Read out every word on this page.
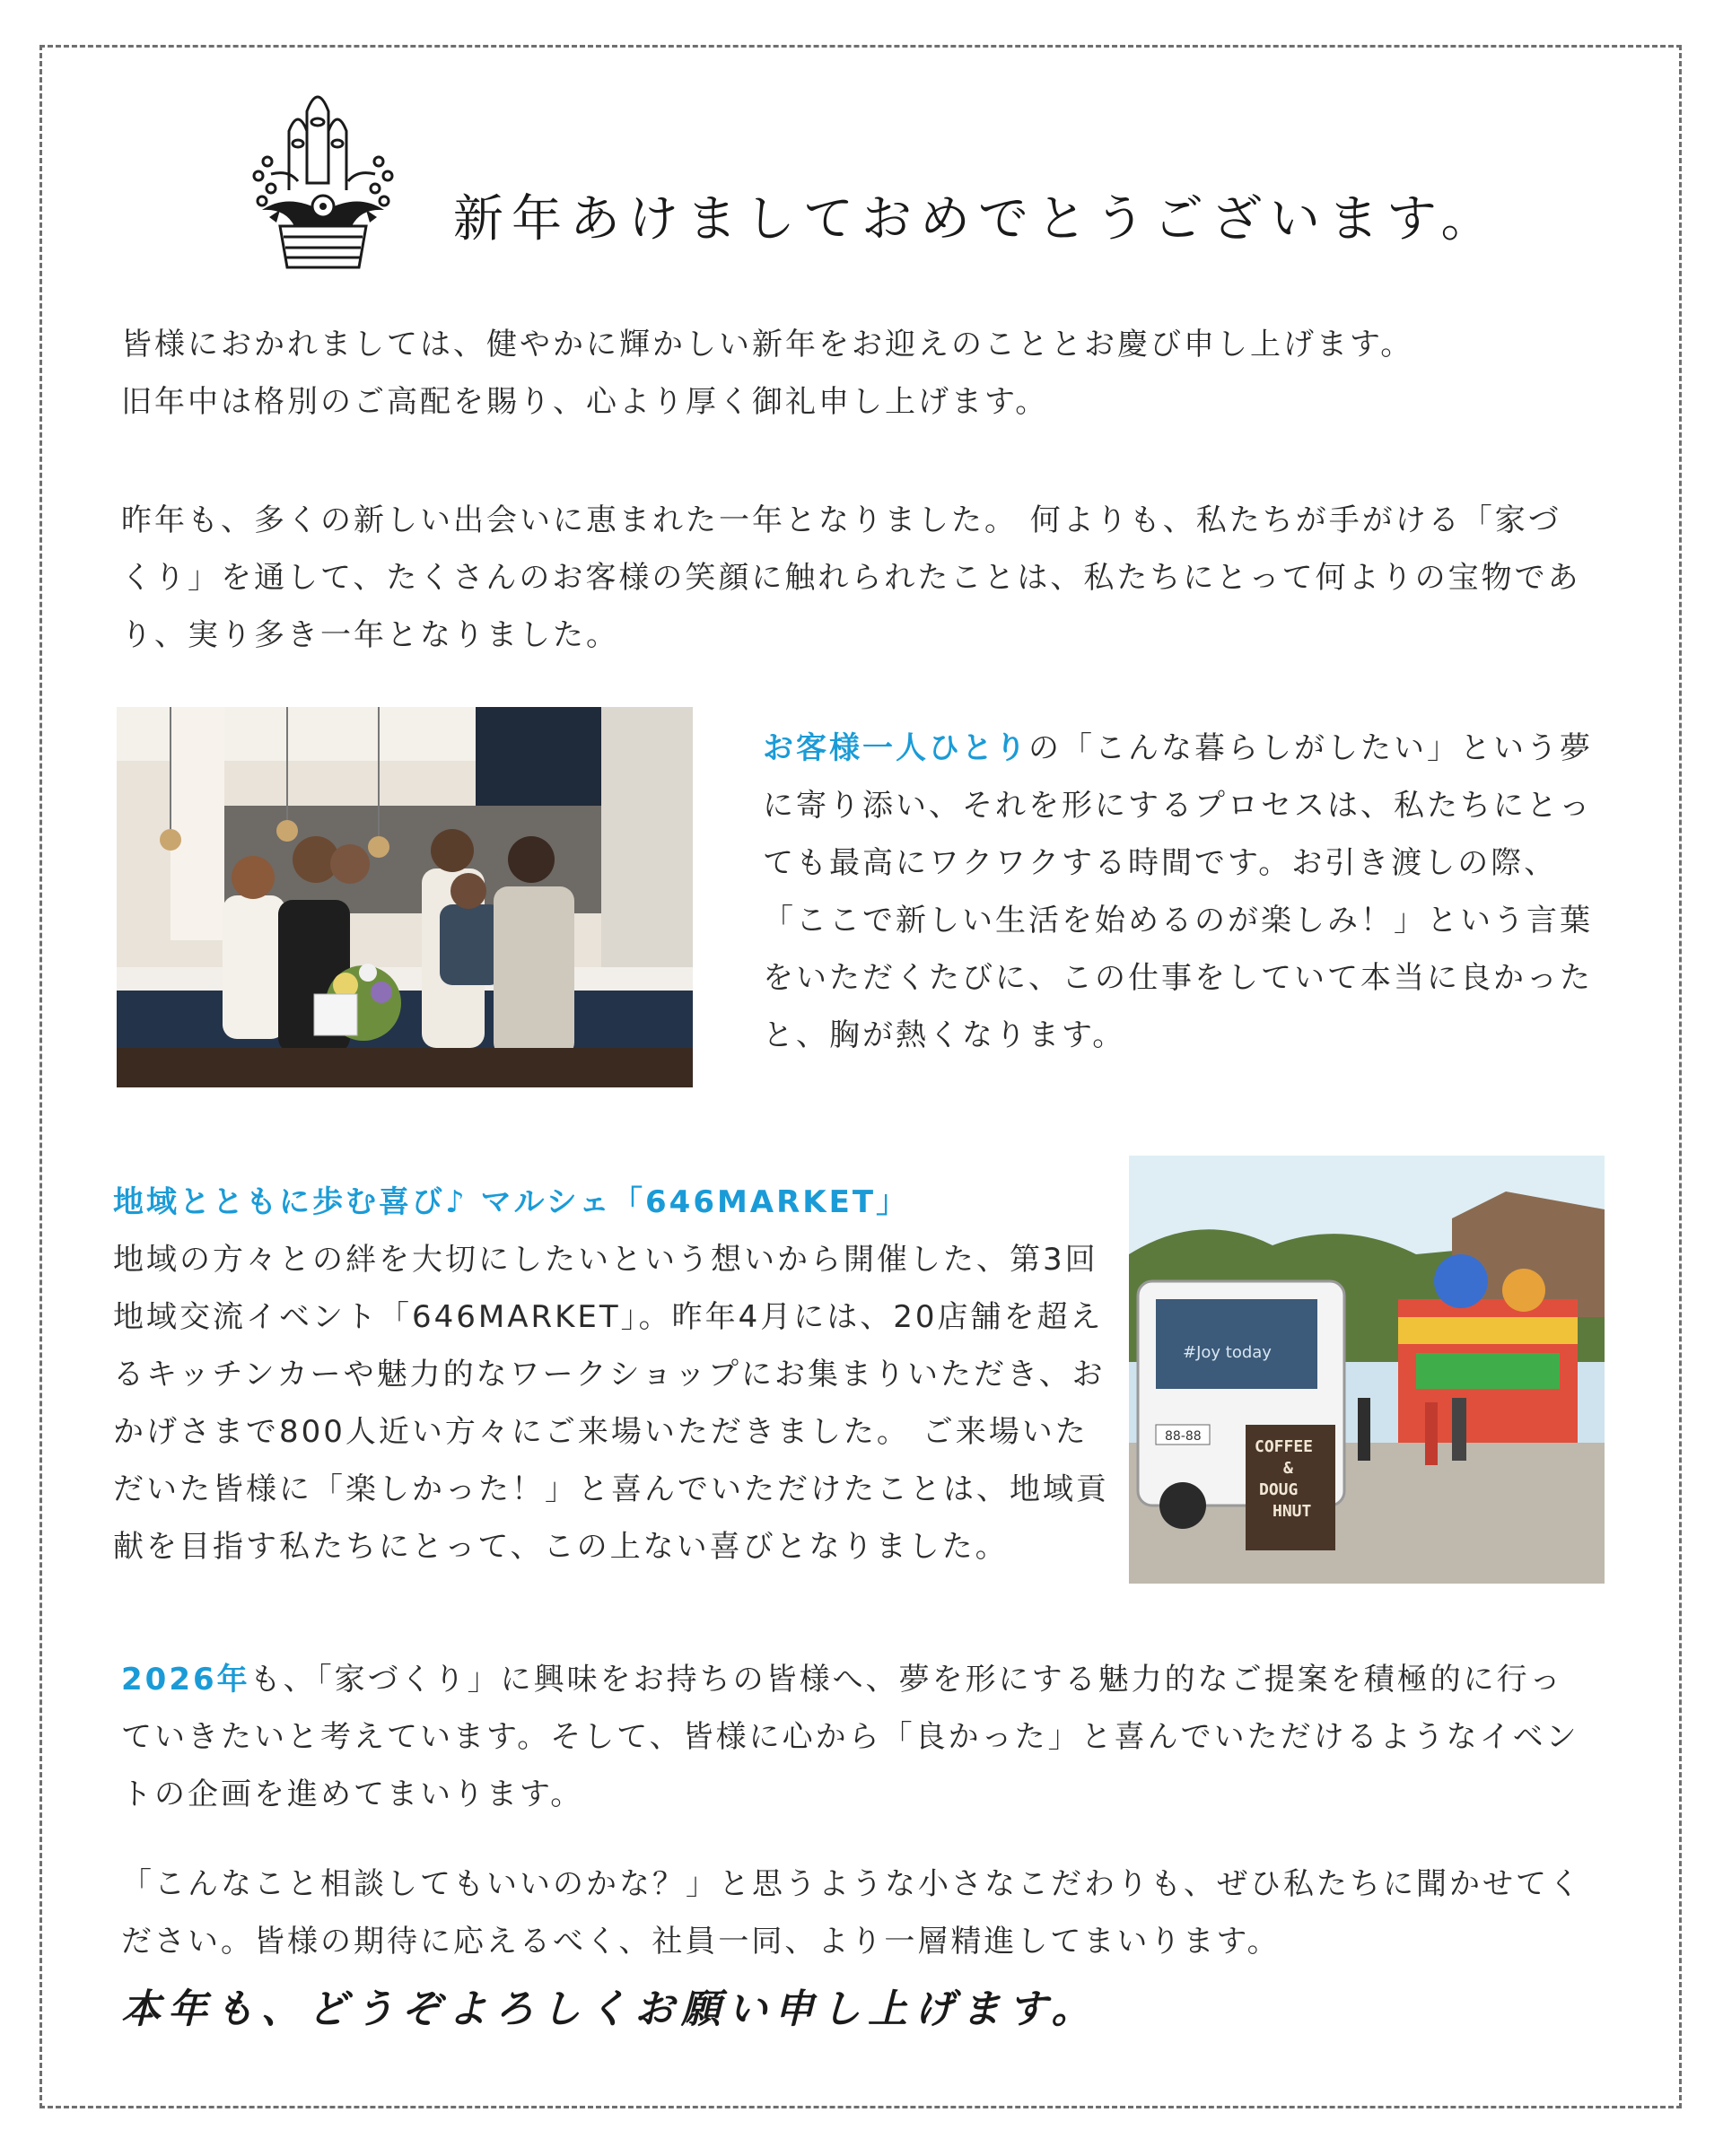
新年あけましておめでとうございます。

皆様におかれましては、健やかに輝かしい新年をお迎えのこととお慶び申し上げます。
旧年中は格別のご高配を賜り、心より厚く御礼申し上げます。

昨年も、多くの新しい出会いに恵まれた一年となりました。 何よりも、私たちが手がける「家づくり」を通して、たくさんのお客様の笑顔に触れられたことは、私たちにとって何よりの宝物であり、実り多き一年となりました。

お客様一人ひとりの「こんな暮らしがしたい」という夢に寄り添い、それを形にするプロセスは、私たちにとっても最高にワクワクする時間です。お引き渡しの際、「ここで新しい生活を始めるのが楽しみ！」という言葉をいただくたびに、この仕事をしていて本当に良かったと、胸が熱くなります。

地域とともに歩む喜び♪ マルシェ「646MARKET」
地域の方々との絆を大切にしたいという想いから開催した、第3回地域交流イベント「646MARKET」。昨年4月には、20店舗を超えるキッチンカーや魅力的なワークショップにお集まりいただき、おかげさまで800人近い方々にご来場いただきました。 ご来場いただいた皆様に「楽しかった！」と喜んでいただけたことは、地域貢献を目指す私たちにとって、この上ない喜びとなりました。

#Joy today
88-88
COFFEE
&
DOUG
HNUT

2026年も、「家づくり」に興味をお持ちの皆様へ、夢を形にする魅力的なご提案を積極的に行っていきたいと考えています。そして、皆様に心から「良かった」と喜んでいただけるようなイベントの企画を進めてまいります。

「こんなこと相談してもいいのかな？」と思うような小さなこだわりも、ぜひ私たちに聞かせてください。皆様の期待に応えるべく、社員一同、より一層精進してまいります。

本年も、どうぞよろしくお願い申し上げます。
